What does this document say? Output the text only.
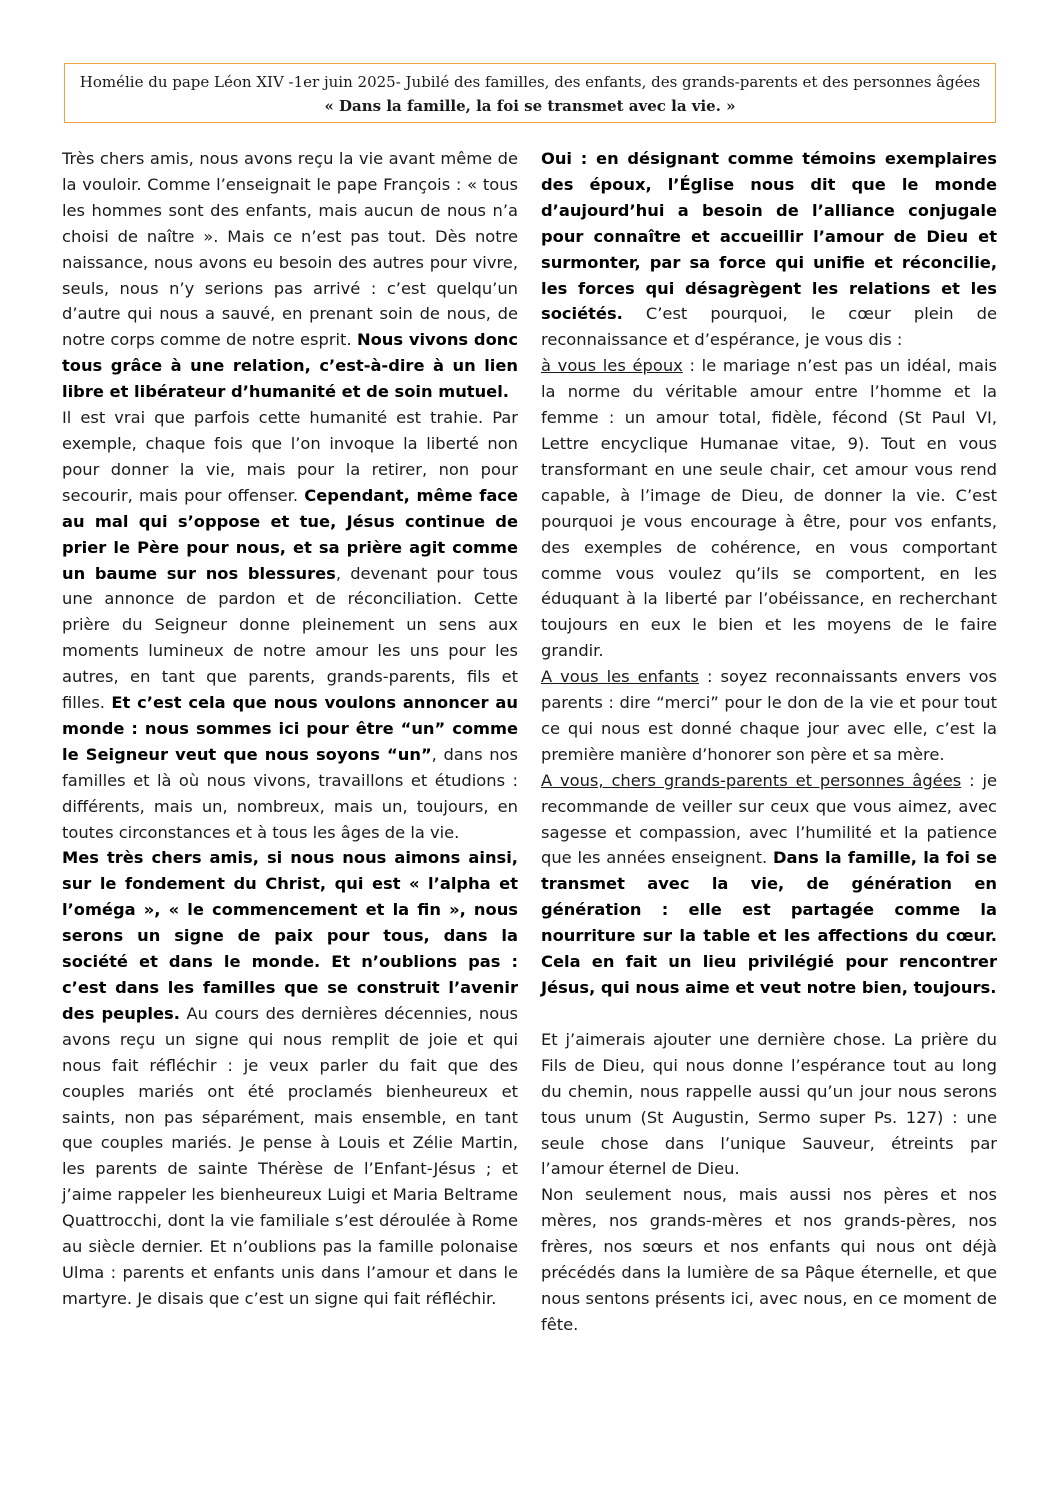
Homélie du pape Léon XIV -1er juin 2025- Jubilé des familles, des enfants, des grands-parents et des personnes âgées
« Dans la famille, la foi se transmet avec la vie. »

Très chers amis, nous avons reçu la vie avant même de la vouloir. Comme l’enseignait le pape François : « tous les hommes sont des enfants, mais aucun de nous n’a choisi de naître ». Mais ce n’est pas tout. Dès notre naissance, nous avons eu besoin des autres pour vivre, seuls, nous n’y serions pas arrivé : c’est quelqu’un d’autre qui nous a sauvé, en prenant soin de nous, de notre corps comme de notre esprit. Nous vivons donc tous grâce à une relation, c’est-à-dire à un lien libre et libérateur d’humanité et de soin mutuel.

Il est vrai que parfois cette humanité est trahie. Par exemple, chaque fois que l’on invoque la liberté non pour donner la vie, mais pour la retirer, non pour secourir, mais pour offenser. Cependant, même face au mal qui s’oppose et tue, Jésus continue de prier le Père pour nous, et sa prière agit comme un baume sur nos blessures, devenant pour tous une annonce de pardon et de réconciliation. Cette prière du Seigneur donne pleinement un sens aux moments lumineux de notre amour les uns pour les autres, en tant que parents, grands-parents, fils et filles. Et c’est cela que nous voulons annoncer au monde : nous sommes ici pour être “un” comme le Seigneur veut que nous soyons “un”, dans nos familles et là où nous vivons, travaillons et étudions : différents, mais un, nombreux, mais un, toujours, en toutes circonstances et à tous les âges de la vie.

Mes très chers amis, si nous nous aimons ainsi, sur le fondement du Christ, qui est « l’alpha et l’oméga », « le commencement et la fin », nous serons un signe de paix pour tous, dans la société et dans le monde. Et n’oublions pas : c’est dans les familles que se construit l’avenir des peuples. Au cours des dernières décennies, nous avons reçu un signe qui nous remplit de joie et qui nous fait réfléchir : je veux parler du fait que des couples mariés ont été proclamés bienheureux et saints, non pas séparément, mais ensemble, en tant que couples mariés. Je pense à Louis et Zélie Martin, les parents de sainte Thérèse de l’Enfant-Jésus ; et j’aime rappeler les bienheureux Luigi et Maria Beltrame Quattrocchi, dont la vie familiale s’est déroulée à Rome au siècle dernier. Et n’oublions pas la famille polonaise Ulma : parents et enfants unis dans l’amour et dans le martyre. Je disais que c’est un signe qui fait réfléchir.

Oui : en désignant comme témoins exemplaires des époux, l’Église nous dit que le monde d’aujourd’hui a besoin de l’alliance conjugale pour connaître et accueillir l’amour de Dieu et surmonter, par sa force qui unifie et réconcilie, les forces qui désagrègent les relations et les sociétés. C’est pourquoi, le cœur plein de reconnaissance et d’espérance, je vous dis :

à vous les époux : le mariage n’est pas un idéal, mais la norme du véritable amour entre l’homme et la femme : un amour total, fidèle, fécond (St Paul VI, Lettre encyclique Humanae vitae, 9). Tout en vous transformant en une seule chair, cet amour vous rend capable, à l’image de Dieu, de donner la vie. C’est pourquoi je vous encourage à être, pour vos enfants, des exemples de cohérence, en vous comportant comme vous voulez qu’ils se comportent, en les éduquant à la liberté par l’obéissance, en recherchant toujours en eux le bien et les moyens de le faire grandir.

A vous les enfants : soyez reconnaissants envers vos parents : dire “merci” pour le don de la vie et pour tout ce qui nous est donné chaque jour avec elle, c’est la première manière d’honorer son père et sa mère.

A vous, chers grands-parents et personnes âgées : je recommande de veiller sur ceux que vous aimez, avec sagesse et compassion, avec l’humilité et la patience que les années enseignent. Dans la famille, la foi se transmet avec la vie, de génération en génération : elle est partagée comme la nourriture sur la table et les affections du cœur. Cela en fait un lieu privilégié pour rencontrer Jésus, qui nous aime et veut notre bien, toujours.

Et j’aimerais ajouter une dernière chose. La prière du Fils de Dieu, qui nous donne l’espérance tout au long du chemin, nous rappelle aussi qu’un jour nous serons tous unum (St Augustin, Sermo super Ps. 127) : une seule chose dans l’unique Sauveur, étreints par l’amour éternel de Dieu.

Non seulement nous, mais aussi nos pères et nos mères, nos grands-mères et nos grands-pères, nos frères, nos sœurs et nos enfants qui nous ont déjà précédés dans la lumière de sa Pâque éternelle, et que nous sentons présents ici, avec nous, en ce moment de fête.
